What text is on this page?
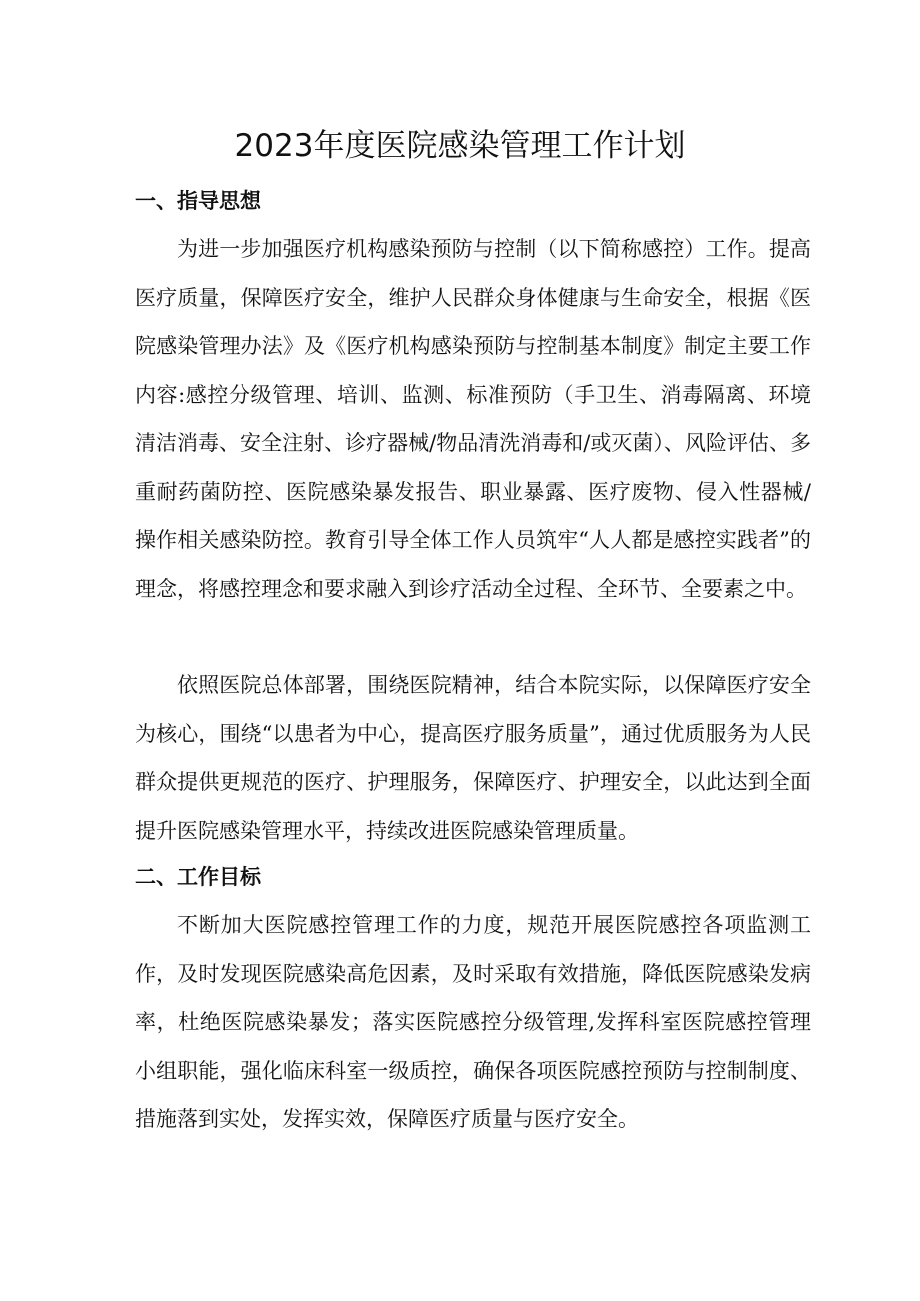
2023年度医院感染管理工作计划
一、指导思想

为进一步加强医疗机构感染预防与控制（以下简称感控）工作。提高医疗质量，保障医疗安全，维护人民群众身体健康与生命安全，根据《医院感染管理办法》及《医疗机构感染预防与控制基本制度》制定主要工作内容:感控分级管理、培训、监测、标准预防（手卫生、消毒隔离、环境清洁消毒、安全注射、诊疗器械/物品清洗消毒和/或灭菌）、风险评估、多重耐药菌防控、医院感染暴发报告、职业暴露、医疗废物、侵入性器械/操作相关感染防控。教育引导全体工作人员筑牢“人人都是感控实践者”的理念，将感控理念和要求融入到诊疗活动全过程、全环节、全要素之中。

依照医院总体部署，围绕医院精神，结合本院实际，以保障医疗安全为核心，围绕“以患者为中心，提高医疗服务质量”，通过优质服务为人民群众提供更规范的医疗、护理服务，保障医疗、护理安全，以此达到全面提升医院感染管理水平，持续改进医院感染管理质量。

二、工作目标

不断加大医院感控管理工作的力度，规范开展医院感控各项监测工作，及时发现医院感染高危因素，及时采取有效措施，降低医院感染发病率，杜绝医院感染暴发；落实医院感控分级管理,发挥科室医院感控管理小组职能，强化临床科室一级质控，确保各项医院感控预防与控制制度、措施落到实处，发挥实效，保障医疗质量与医疗安全。
